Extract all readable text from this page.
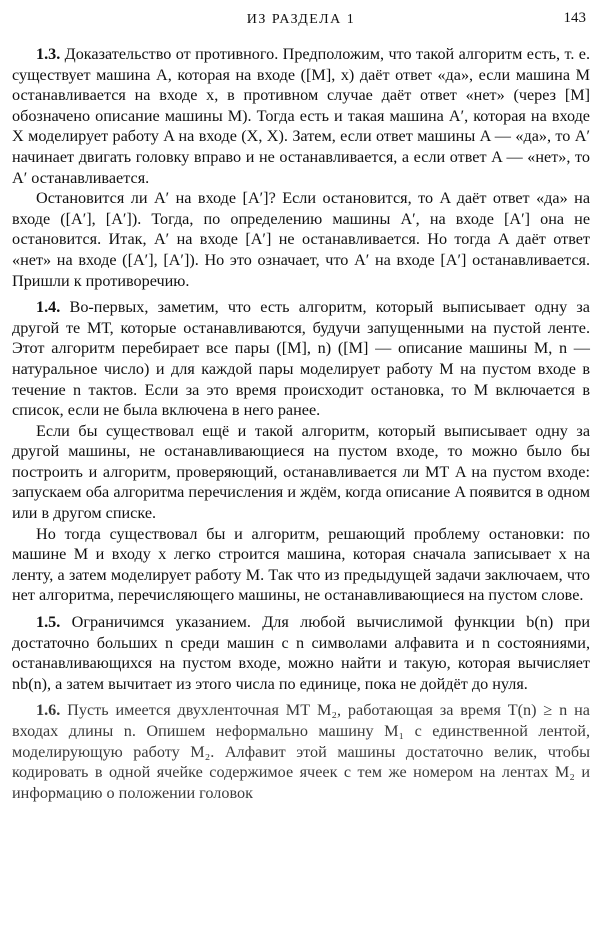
ИЗ РАЗДЕЛА 1	143

1.3. Доказательство от противного. Предположим, что такой алгоритм есть, т. е. существует машина A, которая на входе ([M], x) даёт ответ «да», если машина M останавливается на входе x, в противном случае даёт ответ «нет» (через [M] обозначено описание машины M). Тогда есть и такая машина A′, которая на входе X моделирует работу A на входе (X, X). Затем, если ответ машины A — «да», то A′ начинает двигать головку вправо и не останавливается, а если ответ A — «нет», то A′ останавливается.

Остановится ли A′ на входе [A′]? Если остановится, то A даёт ответ «да» на входе ([A′], [A′]). Тогда, по определению машины A′, на входе [A′] она не остановится. Итак, A′ на входе [A′] не останавливается. Но тогда A даёт ответ «нет» на входе ([A′], [A′]). Но это означает, что A′ на входе [A′] останавливается. Пришли к противоречию.

1.4. Во-первых, заметим, что есть алгоритм, который выписывает одну за другой те МТ, которые останавливаются, будучи запущенными на пустой ленте. Этот алгоритм перебирает все пары ([M], n) ([M] — описание машины M, n — натуральное число) и для каждой пары моделирует работу M на пустом входе в течение n тактов. Если за это время происходит остановка, то M включается в список, если не была включена в него ранее.

Если бы существовал ещё и такой алгоритм, который выписывает одну за другой машины, не останавливающиеся на пустом входе, то можно было бы построить и алгоритм, проверяющий, останавливается ли МТ A на пустом входе: запускаем оба алгоритма перечисления и ждём, когда описание A появится в одном или в другом списке.

Но тогда существовал бы и алгоритм, решающий проблему остановки: по машине M и входу x легко строится машина, которая сначала записывает x на ленту, а затем моделирует работу M. Так что из предыдущей задачи заключаем, что нет алгоритма, перечисляющего машины, не останавливающиеся на пустом слове.

1.5. Ограничимся указанием. Для любой вычислимой функции b(n) при достаточно больших n среди машин с n символами алфавита и n состояниями, останавливающихся на пустом входе, можно найти и такую, которая вычисляет nb(n), а затем вычитает из этого числа по единице, пока не дойдёт до нуля.

1.6. Пусть имеется двухленточная МТ M₂, работающая за время T(n) ≥ n на входах длины n. Опишем неформально машину M₁ с единственной лентой, моделирующую работу M₂. Алфавит этой машины достаточно велик, чтобы кодировать в одной ячейке содержимое ячеек с тем же номером на лентах M₂ и информацию о положении головок
